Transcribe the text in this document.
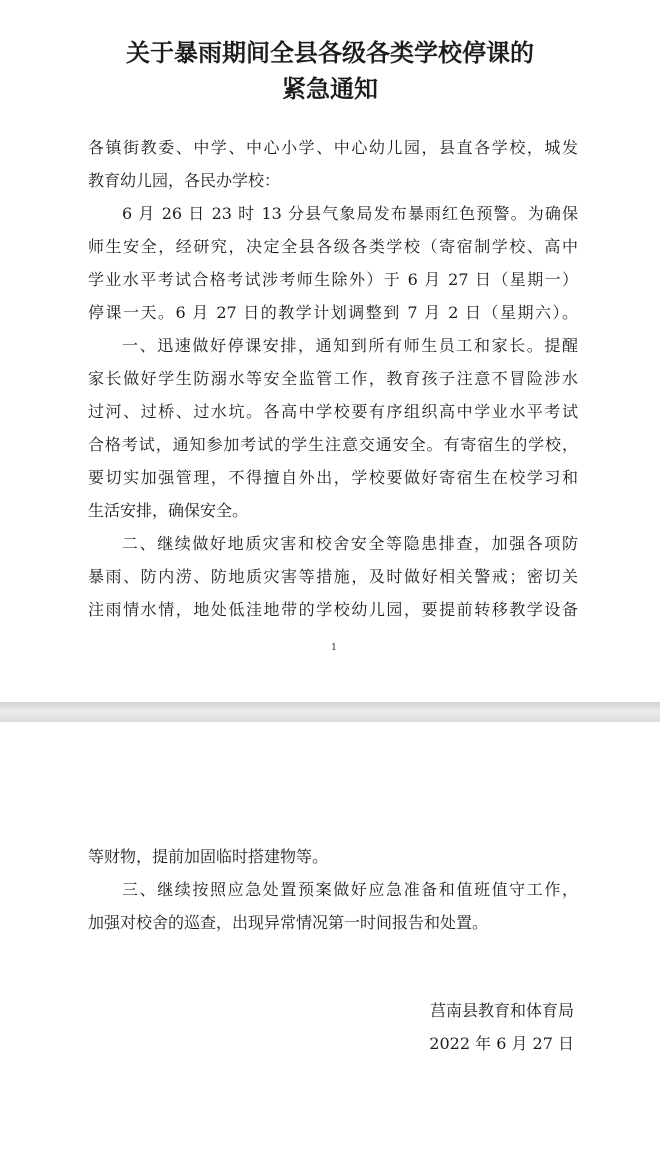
关于暴雨期间全县各级各类学校停课的
紧急通知
各镇街教委、中学、中心小学、中心幼儿园，县直各学校，城发
教育幼儿园，各民办学校：
6 月 26 日 23 时 13 分县气象局发布暴雨红色预警。为确保
师生安全，经研究，决定全县各级各类学校（寄宿制学校、高中
学业水平考试合格考试涉考师生除外）于 6 月 27 日（星期一）
停课一天。6 月 27 日的教学计划调整到 7 月 2 日（星期六）。
一、迅速做好停课安排，通知到所有师生员工和家长。提醒
家长做好学生防溺水等安全监管工作，教育孩子注意不冒险涉水
过河、过桥、过水坑。各高中学校要有序组织高中学业水平考试
合格考试，通知参加考试的学生注意交通安全。有寄宿生的学校，
要切实加强管理，不得擅自外出，学校要做好寄宿生在校学习和
生活安排，确保安全。
二、继续做好地质灾害和校舍安全等隐患排查，加强各项防
暴雨、防内涝、防地质灾害等措施，及时做好相关警戒；密切关
注雨情水情，地处低洼地带的学校幼儿园，要提前转移教学设备
1
等财物，提前加固临时搭建物等。
三、继续按照应急处置预案做好应急准备和值班值守工作，
加强对校舍的巡查，出现异常情况第一时间报告和处置。
莒南县教育和体育局
2022 年 6 月 27 日
